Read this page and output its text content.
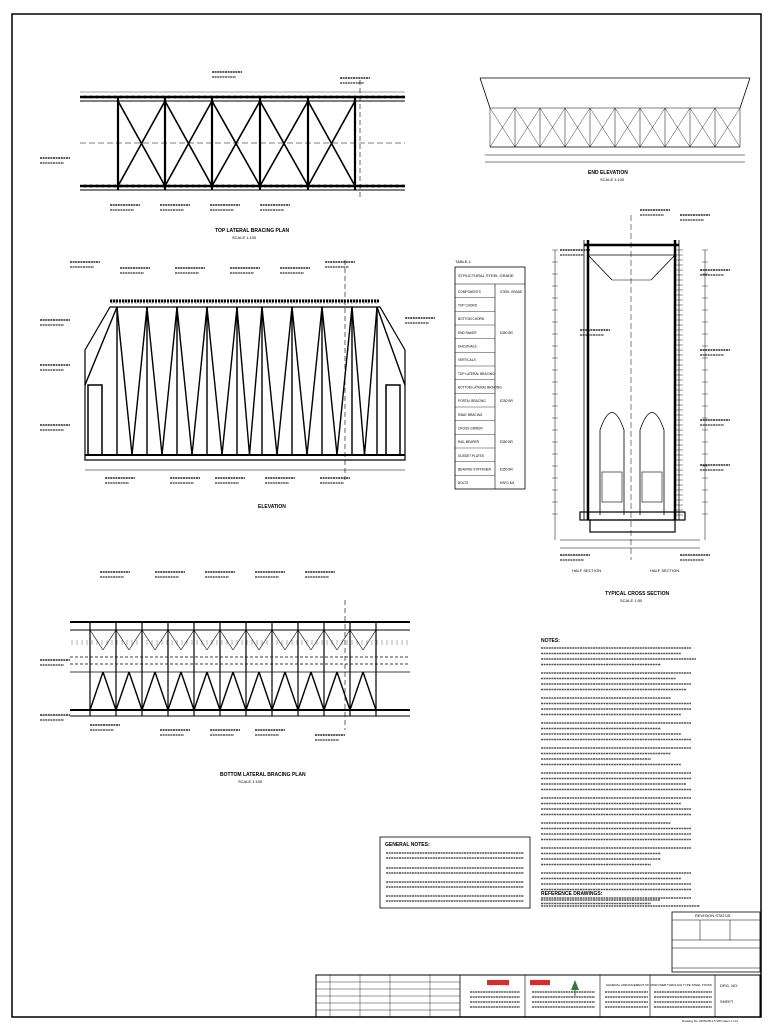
TOP LATERAL BRACING PLAN
SCALE 1:100
END ELEVATION
SCALE 1:100
ELEVATION
BOTTOM LATERAL BRACING PLAN
SCALE 1:100
HALF SECTION	HALF SECTION
TYPICAL CROSS SECTION
SCALE 1:50
TABLE-1
STRUCTURAL STEEL GRADE
NOTES:
GENERAL NOTES:
REFERENCE DRAWINGS:
REVISION STATUS
GENERAL ARRANGEMENT OF OPEN WEB THROUGH TYPE STEEL TRUSS DRG. NO.
SHEET
Drawing No: RDSO/B-1772/R sheet 1 of 2
COMPONENTS	STEEL GRADE
TOP CHORD
BOTTOM CHORD
END RAKER	E350 BR
DIAGONALS
VERTICALS
TOP LATERAL BRACING
BOTTOM LATERAL BRACING
PORTAL BRACING	E250 BR
SWAY BRACING
CROSS GIRDER
RAIL BEARER	E350 BR
GUSSET PLATES
BEARING STIFFENER	E350 BR
BOLTS	HSFG 8.8
